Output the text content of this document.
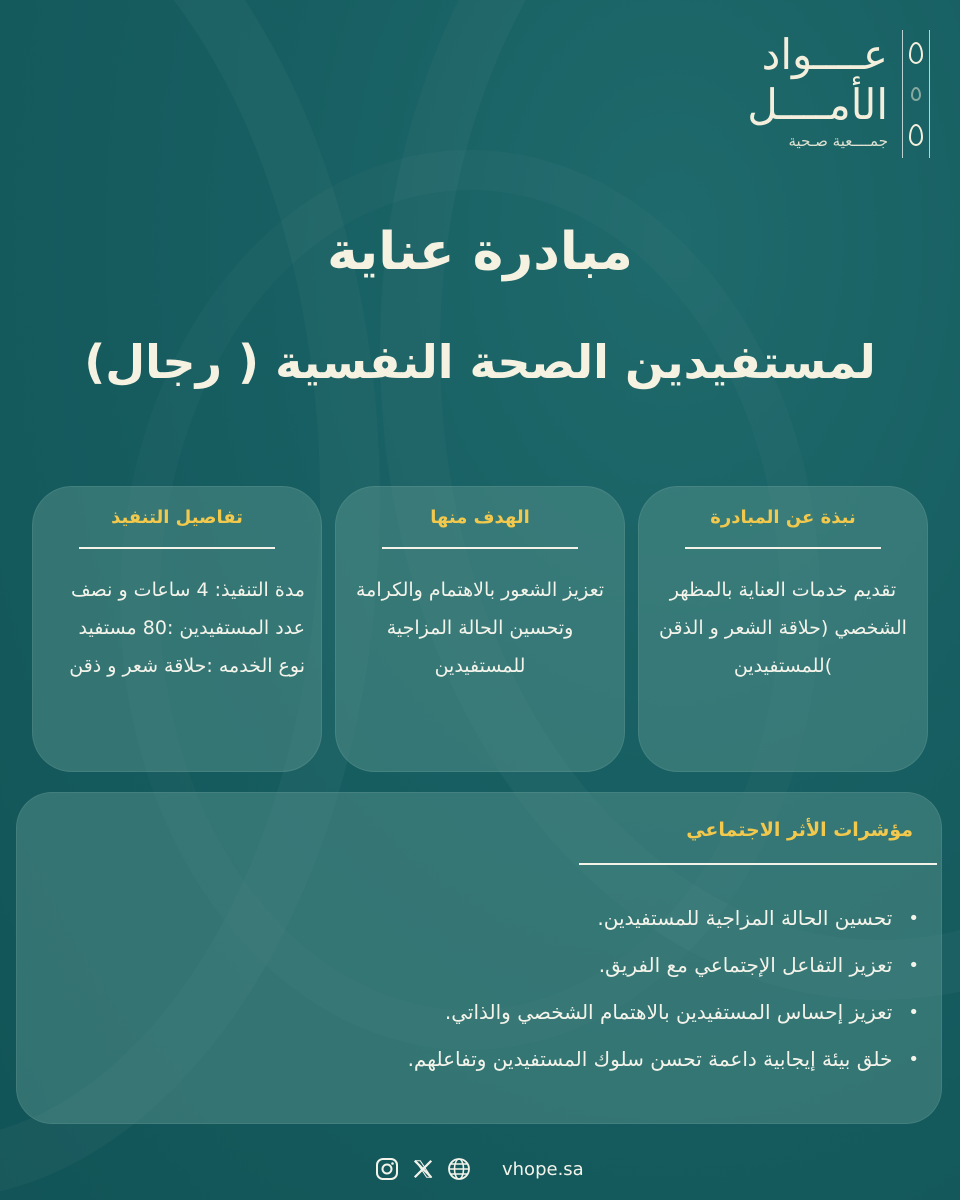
عــــواد
الأمــــل
جمــــعية صـحية
مبادرة عناية
لمستفيدين الصحة النفسية ( رجال)
نبذة عن المبادرة
تقديم خدمات العناية بالمظهر الشخصي (حلاقة الشعر و الذقن )للمستفيدين
الهدف منها
تعزيز الشعور بالاهتمام والكرامة وتحسين الحالة المزاجية للمستفيدين
تفاصيل التنفيذ
مدة التنفيذ: 4 ساعات و نصف
عدد المستفيدين :80 مستفيد
نوع الخدمه :حلاقة شعر و ذقن
مؤشرات الأثر الاجتماعي
•
تحسين الحالة المزاجية للمستفيدين.
•
تعزيز التفاعل الإجتماعي مع الفريق.
•
تعزيز إحساس المستفيدين بالاهتمام الشخصي والذاتي.
•
خلق بيئة إيجابية داعمة تحسن سلوك المستفيدين وتفاعلهم.
vhope.sa
